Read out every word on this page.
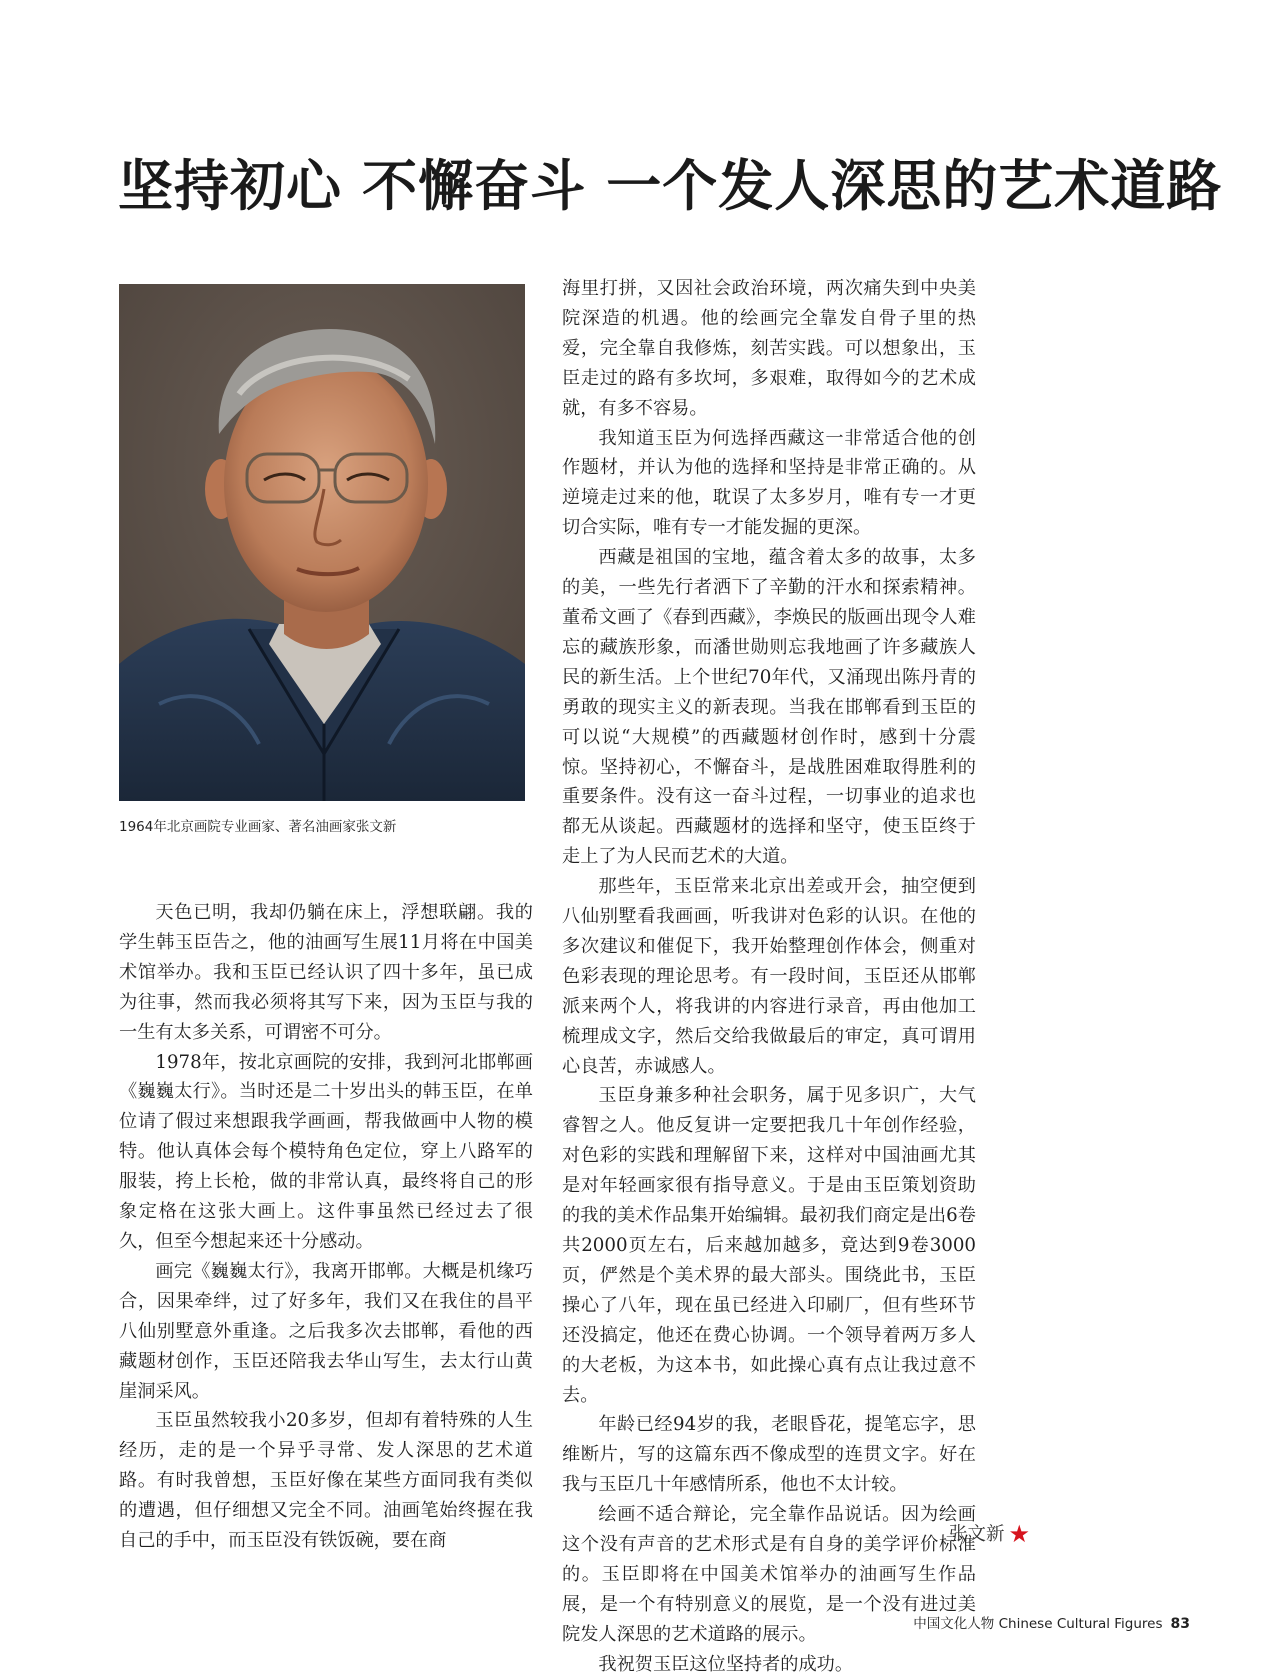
坚持初心 不懈奋斗 一个发人深思的艺术道路

1964年北京画院专业画家、著名油画家张文新

天色已明，我却仍躺在床上，浮想联翩。我的学生韩玉臣告之，他的油画写生展11月将在中国美术馆举办。我和玉臣已经认识了四十多年，虽已成为往事，然而我必须将其写下来，因为玉臣与我的一生有太多关系，可谓密不可分。

1978年，按北京画院的安排，我到河北邯郸画《巍巍太行》。当时还是二十岁出头的韩玉臣，在单位请了假过来想跟我学画画，帮我做画中人物的模特。他认真体会每个模特角色定位，穿上八路军的服装，挎上长枪，做的非常认真，最终将自己的形象定格在这张大画上。这件事虽然已经过去了很久，但至今想起来还十分感动。

画完《巍巍太行》，我离开邯郸。大概是机缘巧合，因果牵绊，过了好多年，我们又在我住的昌平八仙别墅意外重逢。之后我多次去邯郸，看他的西藏题材创作，玉臣还陪我去华山写生，去太行山黄崖洞采风。

玉臣虽然较我小20多岁，但却有着特殊的人生经历，走的是一个异乎寻常、发人深思的艺术道路。有时我曾想，玉臣好像在某些方面同我有类似的遭遇，但仔细想又完全不同。油画笔始终握在我自己的手中，而玉臣没有铁饭碗，要在商

海里打拼，又因社会政治环境，两次痛失到中央美院深造的机遇。他的绘画完全靠发自骨子里的热爱，完全靠自我修炼，刻苦实践。可以想象出，玉臣走过的路有多坎坷，多艰难，取得如今的艺术成就，有多不容易。

我知道玉臣为何选择西藏这一非常适合他的创作题材，并认为他的选择和坚持是非常正确的。从逆境走过来的他，耽误了太多岁月，唯有专一才更切合实际，唯有专一才能发掘的更深。

西藏是祖国的宝地，蕴含着太多的故事，太多的美，一些先行者洒下了辛勤的汗水和探索精神。董希文画了《春到西藏》，李焕民的版画出现令人难忘的藏族形象，而潘世勋则忘我地画了许多藏族人民的新生活。上个世纪70年代，又涌现出陈丹青的勇敢的现实主义的新表现。当我在邯郸看到玉臣的可以说“大规模”的西藏题材创作时，感到十分震惊。坚持初心，不懈奋斗，是战胜困难取得胜利的重要条件。没有这一奋斗过程，一切事业的追求也都无从谈起。西藏题材的选择和坚守，使玉臣终于走上了为人民而艺术的大道。

那些年，玉臣常来北京出差或开会，抽空便到八仙别墅看我画画，听我讲对色彩的认识。在他的多次建议和催促下，我开始整理创作体会，侧重对色彩表现的理论思考。有一段时间，玉臣还从邯郸派来两个人，将我讲的内容进行录音，再由他加工梳理成文字，然后交给我做最后的审定，真可谓用心良苦，赤诚感人。

玉臣身兼多种社会职务，属于见多识广，大气睿智之人。他反复讲一定要把我几十年创作经验，对色彩的实践和理解留下来，这样对中国油画尤其是对年轻画家很有指导意义。于是由玉臣策划资助的我的美术作品集开始编辑。最初我们商定是出6卷共2000页左右，后来越加越多，竟达到9卷3000页，俨然是个美术界的最大部头。围绕此书，玉臣操心了八年，现在虽已经进入印刷厂，但有些环节还没搞定，他还在费心协调。一个领导着两万多人的大老板，为这本书，如此操心真有点让我过意不去。

年龄已经94岁的我，老眼昏花，提笔忘字，思维断片，写的这篇东西不像成型的连贯文字。好在我与玉臣几十年感情所系，他也不太计较。

绘画不适合辩论，完全靠作品说话。因为绘画这个没有声音的艺术形式是有自身的美学评价标准的。玉臣即将在中国美术馆举办的油画写生作品展，是一个有特别意义的展览，是一个没有进过美院发人深思的艺术道路的展示。

我祝贺玉臣这位坚持者的成功。

张文新 ★
中国文化人物 Chinese Cultural Figures 83
